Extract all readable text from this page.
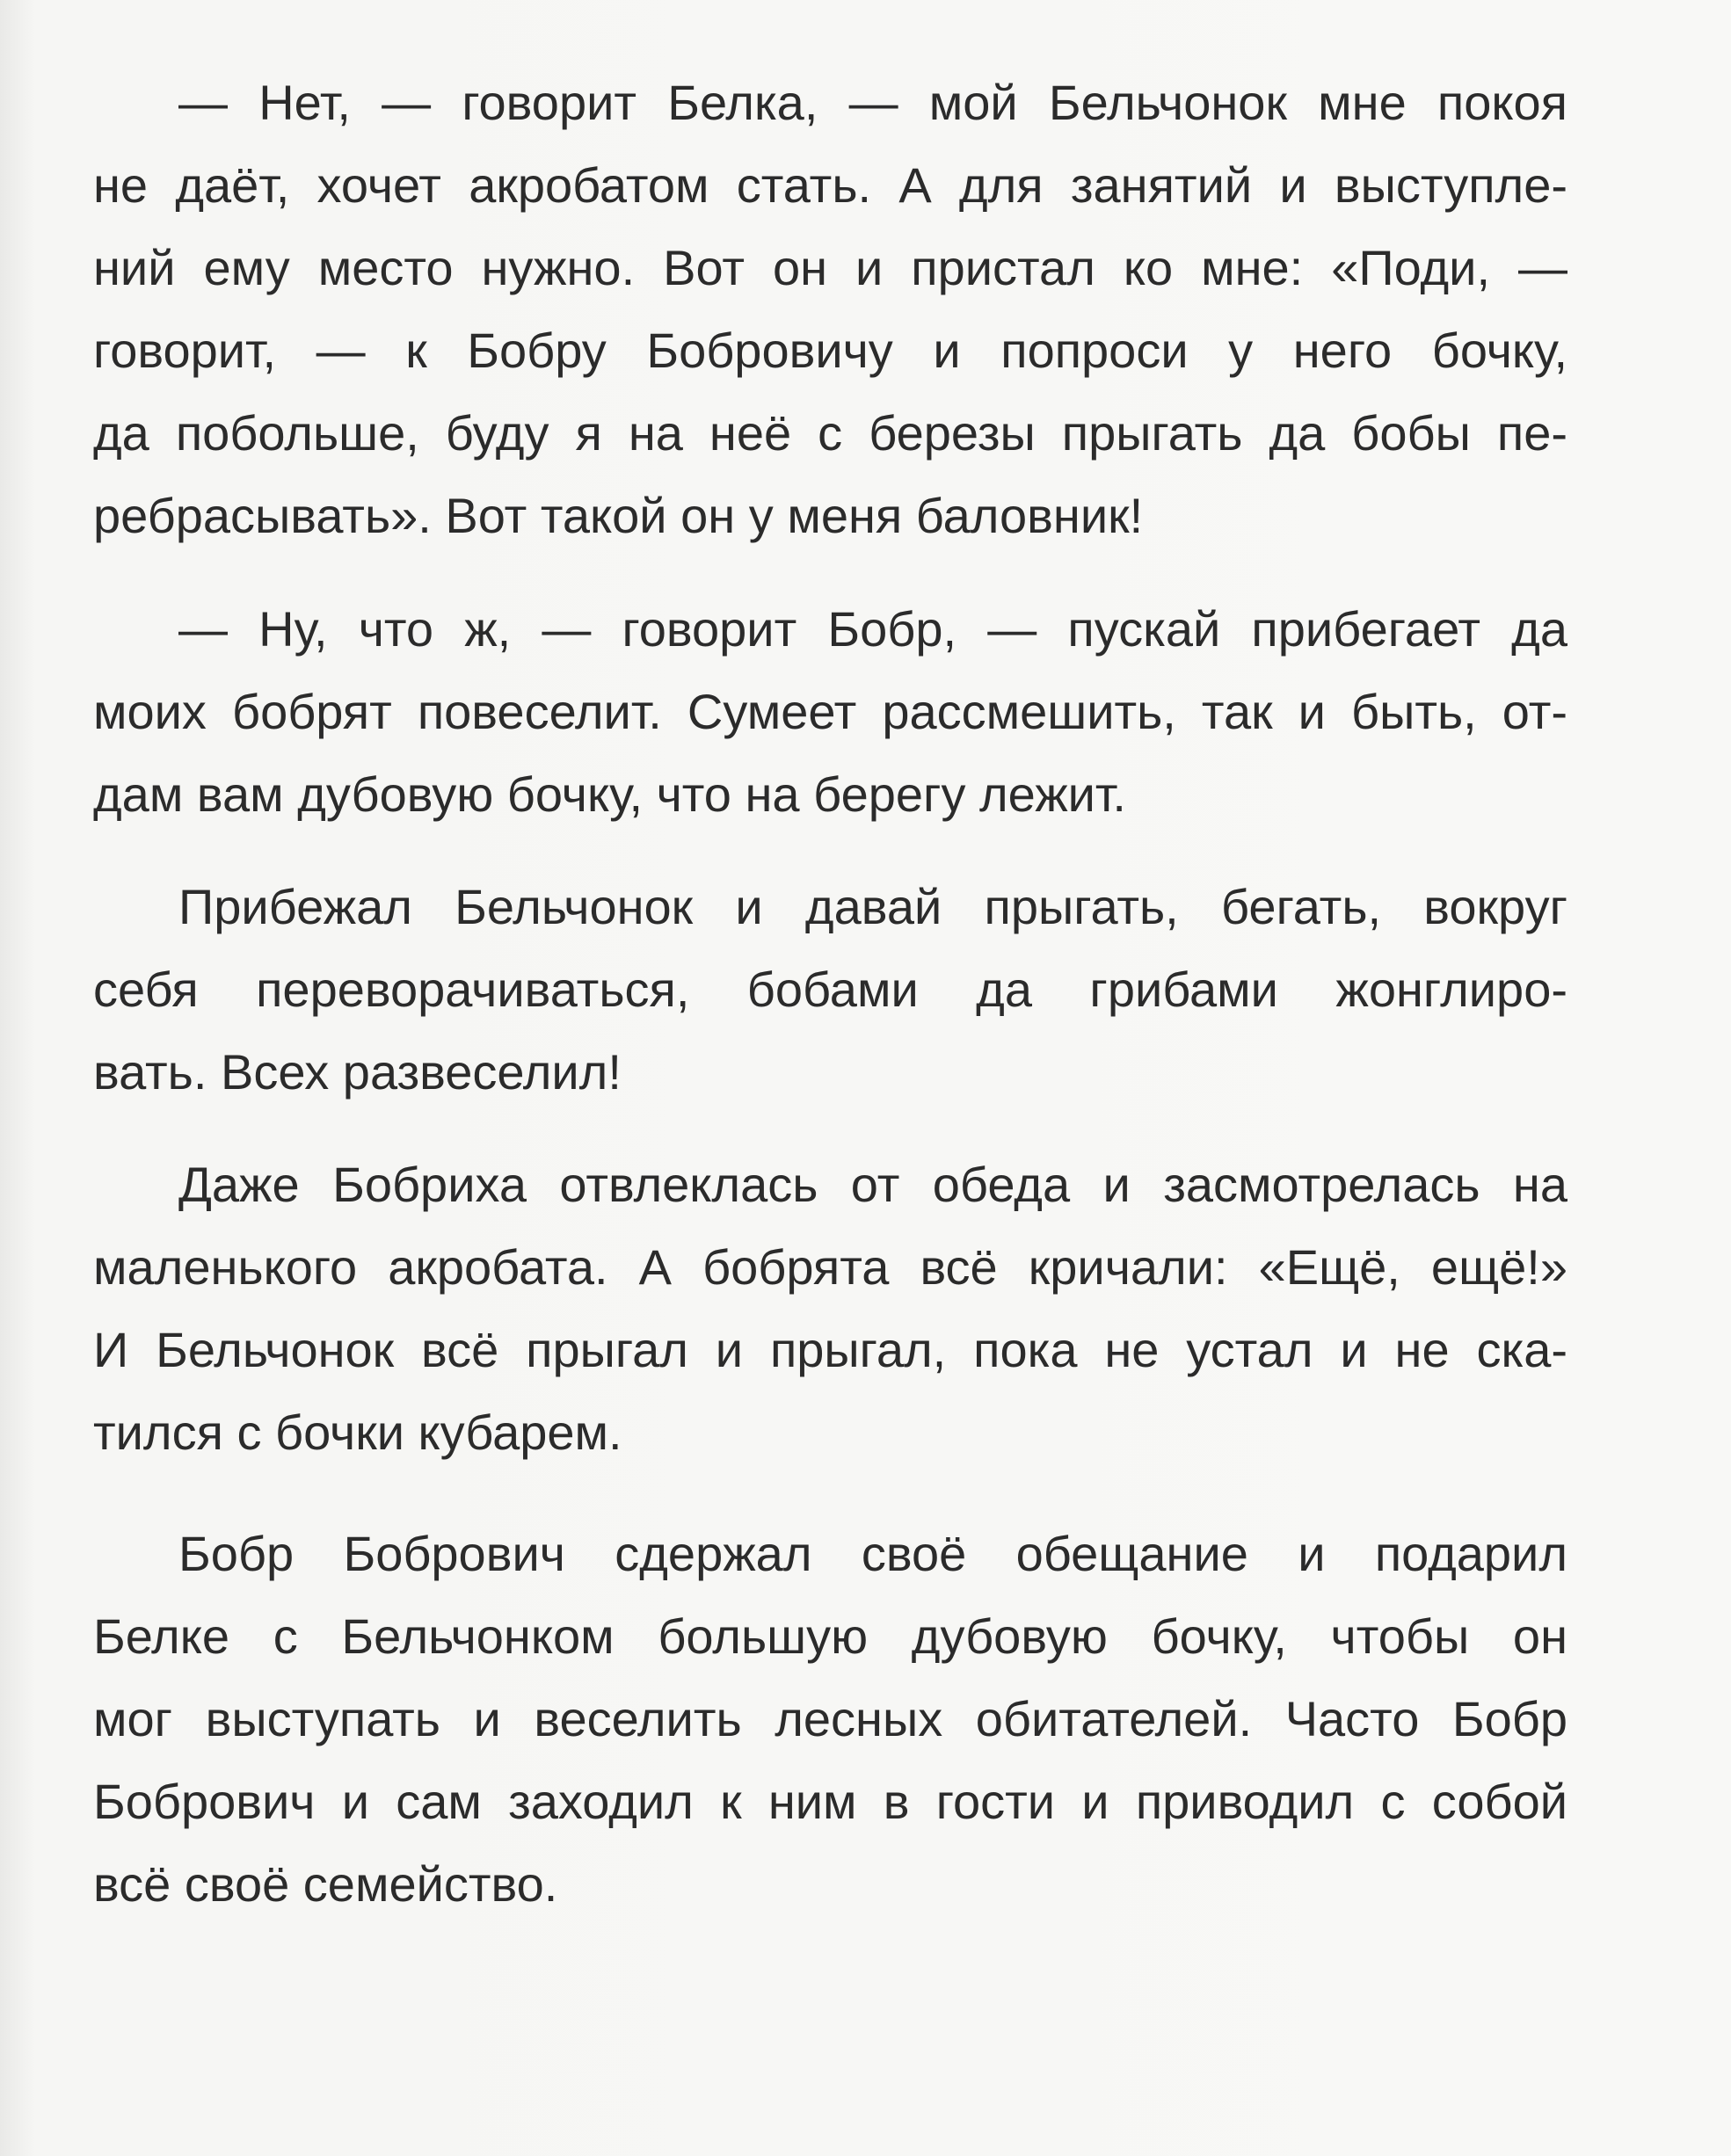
— Нет, — говорит Белка, — мой Бельчонок мне покоя
не даёт, хочет акробатом стать. А для занятий и выступле-
ний ему место нужно. Вот он и пристал ко мне: «Поди, —
говорит, — к Бобру Бобровичу и попроси у него бочку,
да побольше, буду я на неё с березы прыгать да бобы пе-
ребрасывать». Вот такой он у меня баловник!
— Ну, что ж, — говорит Бобр, — пускай прибегает да
моих бобрят повеселит. Сумеет рассмешить, так и быть, от-
дам вам дубовую бочку, что на берегу лежит.
Прибежал Бельчонок и давай прыгать, бегать, вокруг
себя переворачиваться, бобами да грибами жонглиро-
вать. Всех развеселил!
Даже Бобриха отвлеклась от обеда и засмотрелась на
маленького акробата. А бобрята всё кричали: «Ещё, ещё!»
И Бельчонок всё прыгал и прыгал, пока не устал и не ска-
тился с бочки кубарем.
Бобр Бобрович сдержал своё обещание и подарил
Белке с Бельчонком большую дубовую бочку, чтобы он
мог выступать и веселить лесных обитателей. Часто Бобр
Бобрович и сам заходил к ним в гости и приводил с собой
всё своё семейство.
